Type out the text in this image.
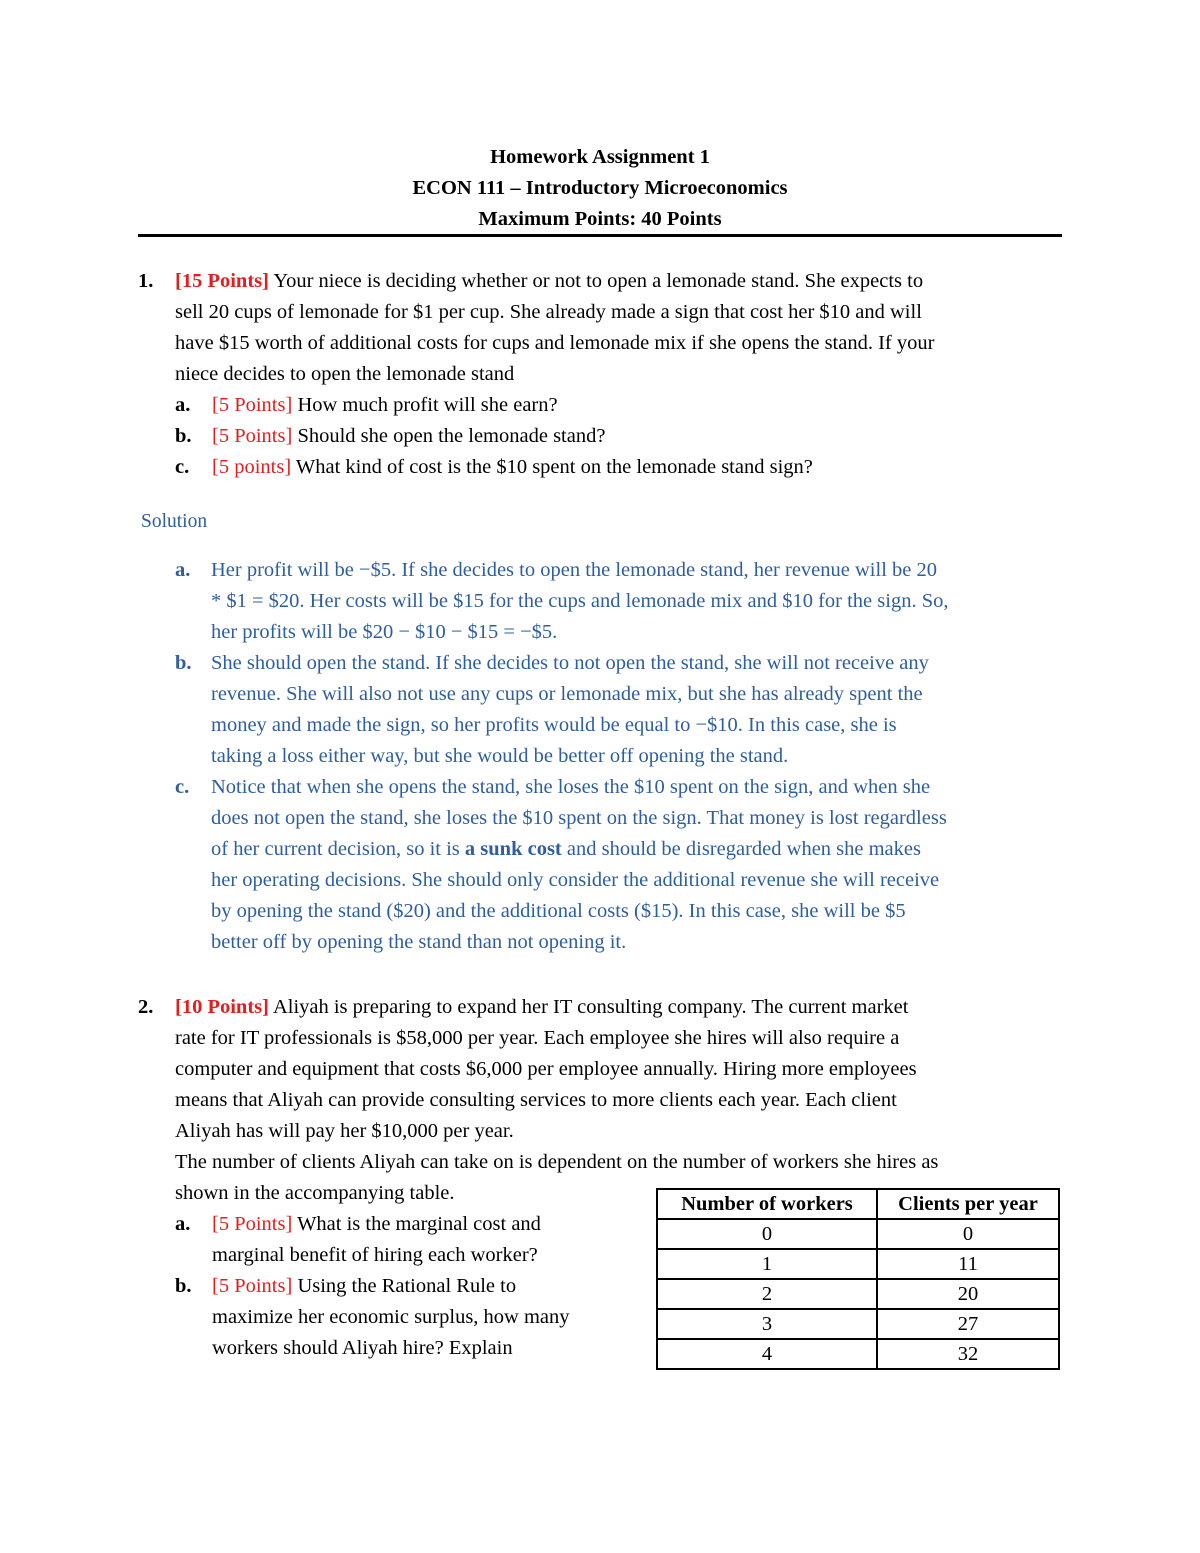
Homework Assignment 1
ECON 111 – Introductory Microeconomics
Maximum Points: 40 Points
1. [15 Points] Your niece is deciding whether or not to open a lemonade stand. She expects to
sell 20 cups of lemonade for $1 per cup. She already made a sign that cost her $10 and will
have $15 worth of additional costs for cups and lemonade mix if she opens the stand. If your
niece decides to open the lemonade stand
a. [5 Points] How much profit will she earn?
b. [5 Points] Should she open the lemonade stand?
c. [5 points] What kind of cost is the $10 spent on the lemonade stand sign?
Solution
a. Her profit will be −$5. If she decides to open the lemonade stand, her revenue will be 20
* $1 = $20. Her costs will be $15 for the cups and lemonade mix and $10 for the sign. So,
her profits will be $20 − $10 − $15 = −$5.
b. She should open the stand. If she decides to not open the stand, she will not receive any
revenue. She will also not use any cups or lemonade mix, but she has already spent the
money and made the sign, so her profits would be equal to −$10. In this case, she is
taking a loss either way, but she would be better off opening the stand.
c. Notice that when she opens the stand, she loses the $10 spent on the sign, and when she
does not open the stand, she loses the $10 spent on the sign. That money is lost regardless
of her current decision, so it is a sunk cost and should be disregarded when she makes
her operating decisions. She should only consider the additional revenue she will receive
by opening the stand ($20) and the additional costs ($15). In this case, she will be $5
better off by opening the stand than not opening it.
2. [10 Points] Aliyah is preparing to expand her IT consulting company. The current market
rate for IT professionals is $58,000 per year. Each employee she hires will also require a
computer and equipment that costs $6,000 per employee annually. Hiring more employees
means that Aliyah can provide consulting services to more clients each year. Each client
Aliyah has will pay her $10,000 per year.
The number of clients Aliyah can take on is dependent on the number of workers she hires as
shown in the accompanying table.
a. [5 Points] What is the marginal cost and
marginal benefit of hiring each worker?
b. [5 Points] Using the Rational Rule to
maximize her economic surplus, how many
workers should Aliyah hire? Explain
Number of workers	Clients per year
0	0
1	11
2	20
3	27
4	32
